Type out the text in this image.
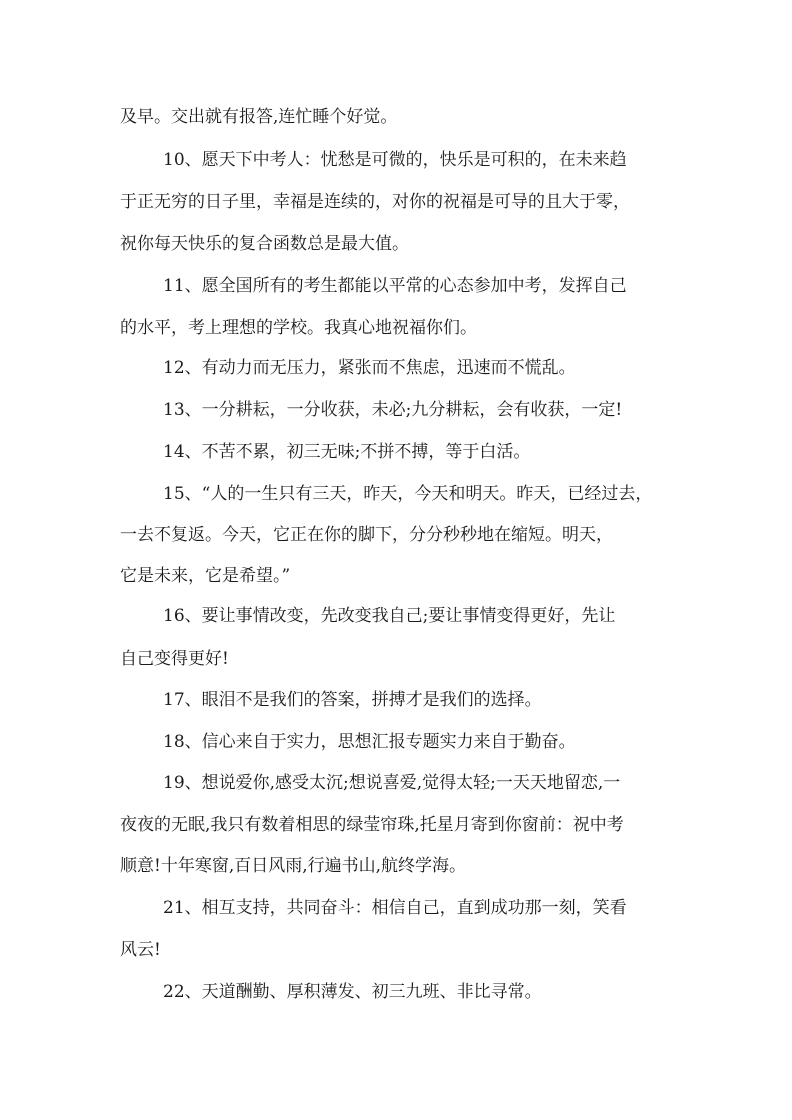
及早。交出就有报答,连忙睡个好觉。
10、愿天下中考人：忧愁是可微的，快乐是可积的，在未来趋
于正无穷的日子里，幸福是连续的，对你的祝福是可导的且大于零，
祝你每天快乐的复合函数总是最大值。
11、愿全国所有的考生都能以平常的心态参加中考，发挥自己
的水平，考上理想的学校。我真心地祝福你们。
12、有动力而无压力，紧张而不焦虑，迅速而不慌乱。
13、一分耕耘，一分收获，未必;九分耕耘，会有收获，一定!
14、不苦不累，初三无味;不拼不搏，等于白活。
15、“人的一生只有三天，昨天，今天和明天。昨天，已经过去，
一去不复返。今天，它正在你的脚下，分分秒秒地在缩短。明天，
它是未来，它是希望。”
16、要让事情改变，先改变我自己;要让事情变得更好，先让
自己变得更好!
17、眼泪不是我们的答案，拼搏才是我们的选择。
18、信心来自于实力，思想汇报专题实力来自于勤奋。
19、想说爱你,感受太沉;想说喜爱,觉得太轻;一天天地留恋,一
夜夜的无眠,我只有数着相思的绿莹帘珠,托星月寄到你窗前：祝中考
顺意!十年寒窗,百日风雨,行遍书山,航终学海。
21、相互支持，共同奋斗：相信自己，直到成功那一刻，笑看
风云!
22、天道酬勤、厚积薄发、初三九班、非比寻常。
